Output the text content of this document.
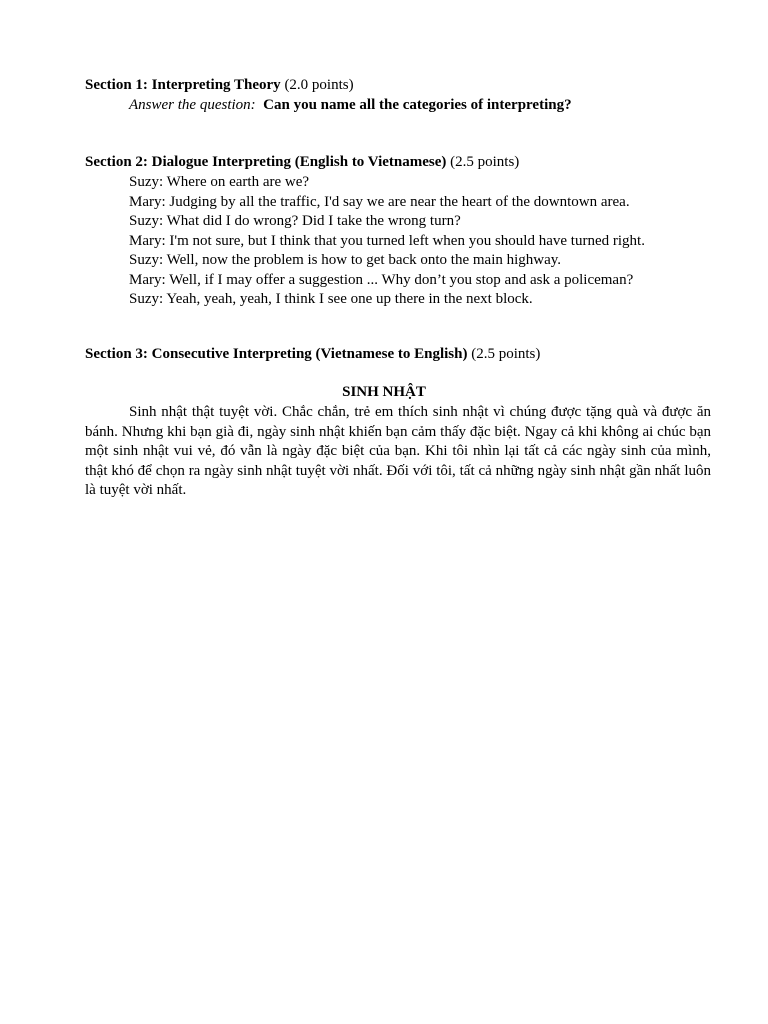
Section 1: Interpreting Theory (2.0 points)
Answer the question: Can you name all the categories of interpreting?
Section 2: Dialogue Interpreting (English to Vietnamese) (2.5 points)
Suzy: Where on earth are we?
Mary: Judging by all the traffic, I'd say we are near the heart of the downtown area.
Suzy: What did I do wrong? Did I take the wrong turn?
Mary: I'm not sure, but I think that you turned left when you should have turned right.
Suzy: Well, now the problem is how to get back onto the main highway.
Mary: Well, if I may offer a suggestion ... Why don’t you stop and ask a policeman?
Suzy: Yeah, yeah, yeah, I think I see one up there in the next block.
Section 3: Consecutive Interpreting (Vietnamese to English) (2.5 points)
SINH NHẬT

Sinh nhật thật tuyệt vời. Chắc chắn, trẻ em thích sinh nhật vì chúng được tặng quà và được ăn bánh. Nhưng khi bạn già đi, ngày sinh nhật khiến bạn cảm thấy đặc biệt. Ngay cả khi không ai chúc bạn một sinh nhật vui vẻ, đó vẫn là ngày đặc biệt của bạn. Khi tôi nhìn lại tất cả các ngày sinh của mình, thật khó để chọn ra ngày sinh nhật tuyệt vời nhất. Đối với tôi, tất cả những ngày sinh nhật gần nhất luôn là tuyệt vời nhất.
